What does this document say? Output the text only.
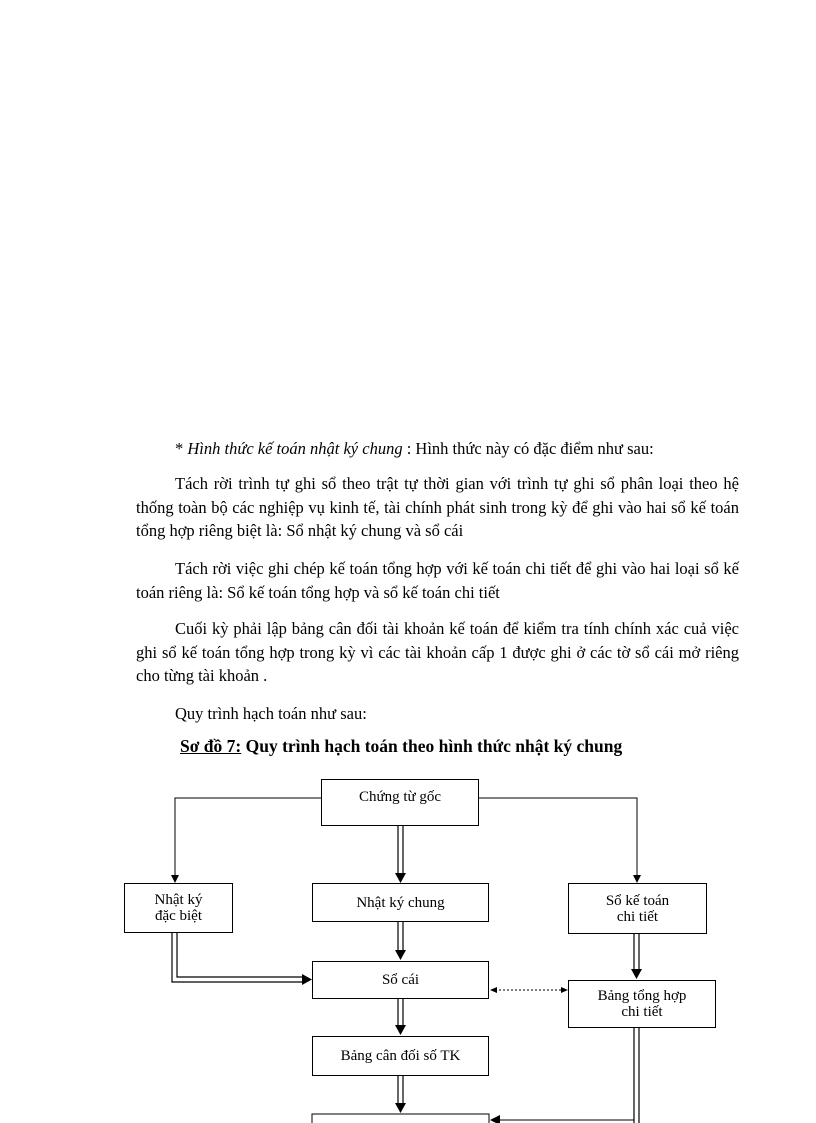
* Hình thức kế toán nhật ký chung : Hình thức này có đặc điểm như sau:

Tách rời trình tự ghi sổ theo trật tự thời gian với trình tự ghi sổ phân loại theo hệ thống toàn bộ các nghiệp vụ kinh tế, tài chính phát sinh trong kỳ để ghi vào hai sổ kế toán tổng hợp riêng biệt là: Sổ nhật ký chung và sổ cái

Tách rời việc ghi chép kế toán tổng hợp với kế toán chi tiết để ghi vào hai loại sổ kế toán riêng là: Sổ kế toán tổng hợp và sổ kế toán chi tiết

Cuối kỳ phải lập bảng cân đối tài khoản kế toán để kiểm tra tính chính xác cuả việc ghi sổ kế toán tổng hợp trong kỳ vì các tài khoản cấp 1 được ghi ở các tờ sổ cái mở riêng cho từng tài khoản .

Quy trình hạch toán như sau:

Sơ đồ 7: Quy trình hạch toán theo hình thức nhật ký chung

Chứng từ gốc
Nhật ký
đặc biệt
Nhật ký chung	Sổ kế toán
chi tiết
Sổ cái
Bảng tổng hợp
chi tiết
Bảng cân đối số TK
